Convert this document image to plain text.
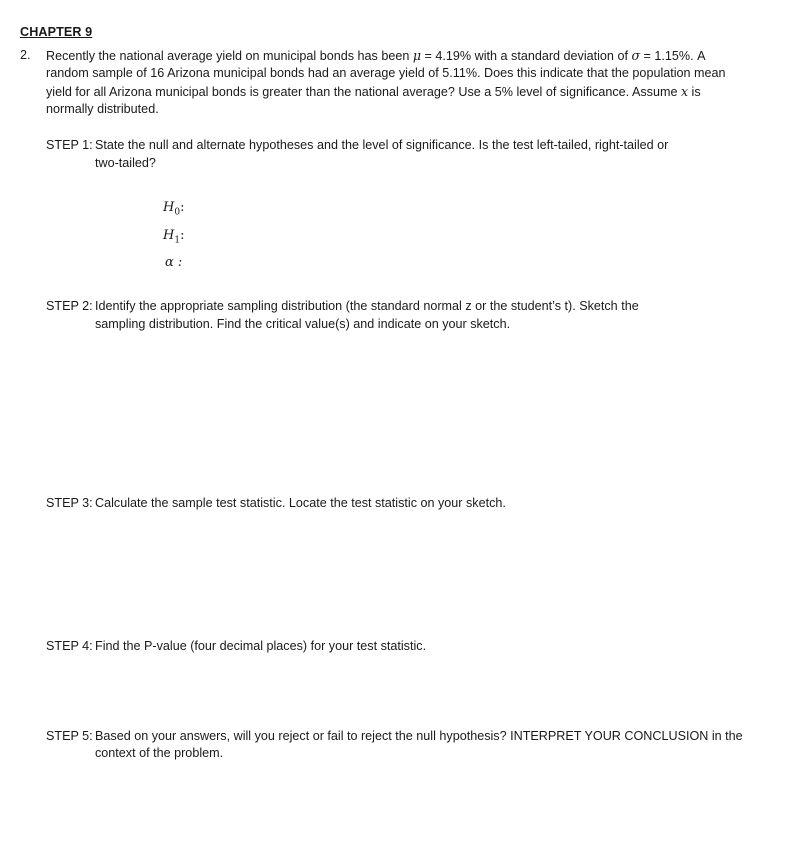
CHAPTER 9
2. Recently the national average yield on municipal bonds has been μ = 4.19% with a standard deviation of σ = 1.15%. A
random sample of 16 Arizona municipal bonds had an average yield of 5.11%. Does this indicate that the population mean
yield for all Arizona municipal bonds is greater than the national average? Use a 5% level of significance. Assume x is
normally distributed.
STEP 1: State the null and alternate hypotheses and the level of significance. Is the test left-tailed, right-tailed or
two-tailed?
$H_0$:
$H_1$:
α :
STEP 2: Identify the appropriate sampling distribution (the standard normal z or the student’s t). Sketch the
sampling distribution. Find the critical value(s) and indicate on your sketch.
STEP 3: Calculate the sample test statistic. Locate the test statistic on your sketch.
STEP 4: Find the P-value (four decimal places) for your test statistic.
STEP 5: Based on your answers, will you reject or fail to reject the null hypothesis? INTERPRET YOUR CONCLUSION in the
context of the problem.
